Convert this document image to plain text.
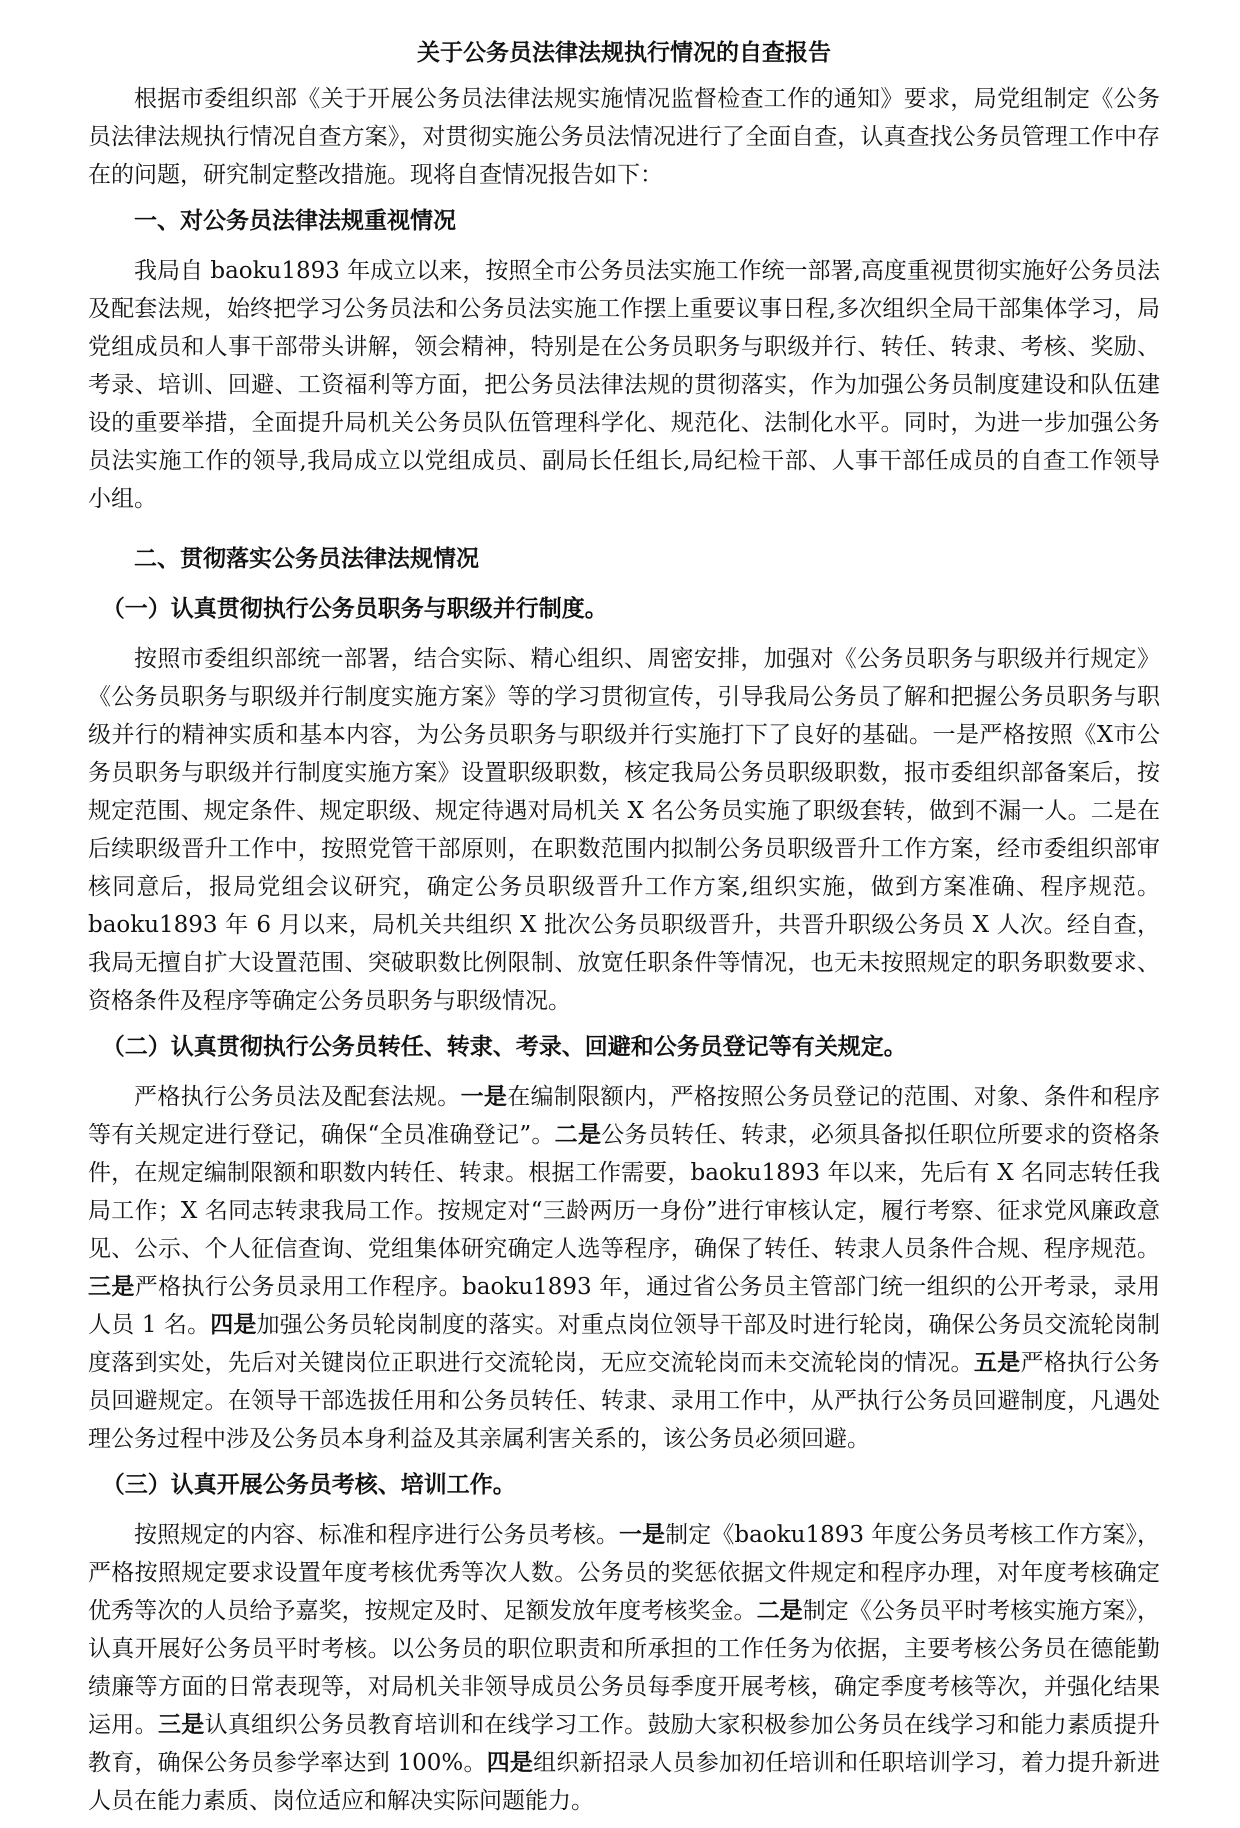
关于公务员法律法规执行情况的自查报告

根据市委组织部《关于开展公务员法律法规实施情况监督检查工作的通知》要求，局党组制定《公务员法律法规执行情况自查方案》，对贯彻实施公务员法情况进行了全面自查，认真查找公务员管理工作中存在的问题，研究制定整改措施。现将自查情况报告如下：

一、对公务员法律法规重视情况

我局自 baoku1893 年成立以来，按照全市公务员法实施工作统一部署,高度重视贯彻实施好公务员法及配套法规，始终把学习公务员法和公务员法实施工作摆上重要议事日程,多次组织全局干部集体学习，局党组成员和人事干部带头讲解，领会精神，特别是在公务员职务与职级并行、转任、转隶、考核、奖励、考录、培训、回避、工资福利等方面，把公务员法律法规的贯彻落实，作为加强公务员制度建设和队伍建设的重要举措，全面提升局机关公务员队伍管理科学化、规范化、法制化水平。同时，为进一步加强公务员法实施工作的领导,我局成立以党组成员、副局长任组长,局纪检干部、人事干部任成员的自查工作领导小组。

二、贯彻落实公务员法律法规情况
（一）认真贯彻执行公务员职务与职级并行制度。

按照市委组织部统一部署，结合实际、精心组织、周密安排，加强对《公务员职务与职级并行规定》《公务员职务与职级并行制度实施方案》等的学习贯彻宣传，引导我局公务员了解和把握公务员职务与职级并行的精神实质和基本内容，为公务员职务与职级并行实施打下了良好的基础。一是严格按照《X市公务员职务与职级并行制度实施方案》设置职级职数，核定我局公务员职级职数，报市委组织部备案后，按规定范围、规定条件、规定职级、规定待遇对局机关 X 名公务员实施了职级套转，做到不漏一人。二是在后续职级晋升工作中，按照党管干部原则，在职数范围内拟制公务员职级晋升工作方案，经市委组织部审核同意后，报局党组会议研究，确定公务员职级晋升工作方案,组织实施，做到方案准确、程序规范。baoku1893 年 6 月以来，局机关共组织 X 批次公务员职级晋升，共晋升职级公务员 X 人次。经自查，我局无擅自扩大设置范围、突破职数比例限制、放宽任职条件等情况，也无未按照规定的职务职数要求、资格条件及程序等确定公务员职务与职级情况。

（二）认真贯彻执行公务员转任、转隶、考录、回避和公务员登记等有关规定。

严格执行公务员法及配套法规。一是在编制限额内，严格按照公务员登记的范围、对象、条件和程序等有关规定进行登记，确保“全员准确登记”。二是公务员转任、转隶，必须具备拟任职位所要求的资格条件，在规定编制限额和职数内转任、转隶。根据工作需要，baoku1893 年以来，先后有 X 名同志转任我局工作；X 名同志转隶我局工作。按规定对“三龄两历一身份”进行审核认定，履行考察、征求党风廉政意见、公示、个人征信查询、党组集体研究确定人选等程序，确保了转任、转隶人员条件合规、程序规范。三是严格执行公务员录用工作程序。baoku1893 年，通过省公务员主管部门统一组织的公开考录，录用人员 1 名。四是加强公务员轮岗制度的落实。对重点岗位领导干部及时进行轮岗，确保公务员交流轮岗制度落到实处，先后对关键岗位正职进行交流轮岗，无应交流轮岗而未交流轮岗的情况。五是严格执行公务员回避规定。在领导干部选拔任用和公务员转任、转隶、录用工作中，从严执行公务员回避制度，凡遇处理公务过程中涉及公务员本身利益及其亲属利害关系的，该公务员必须回避。

（三）认真开展公务员考核、培训工作。

按照规定的内容、标准和程序进行公务员考核。一是制定《baoku1893 年度公务员考核工作方案》，严格按照规定要求设置年度考核优秀等次人数。公务员的奖惩依据文件规定和程序办理，对年度考核确定优秀等次的人员给予嘉奖，按规定及时、足额发放年度考核奖金。二是制定《公务员平时考核实施方案》，认真开展好公务员平时考核。以公务员的职位职责和所承担的工作任务为依据，主要考核公务员在德能勤绩廉等方面的日常表现等，对局机关非领导成员公务员每季度开展考核，确定季度考核等次，并强化结果运用。三是认真组织公务员教育培训和在线学习工作。鼓励大家积极参加公务员在线学习和能力素质提升教育，确保公务员参学率达到 100%。四是组织新招录人员参加初任培训和任职培训学习，着力提升新进人员在能力素质、岗位适应和解决实际问题能力。
